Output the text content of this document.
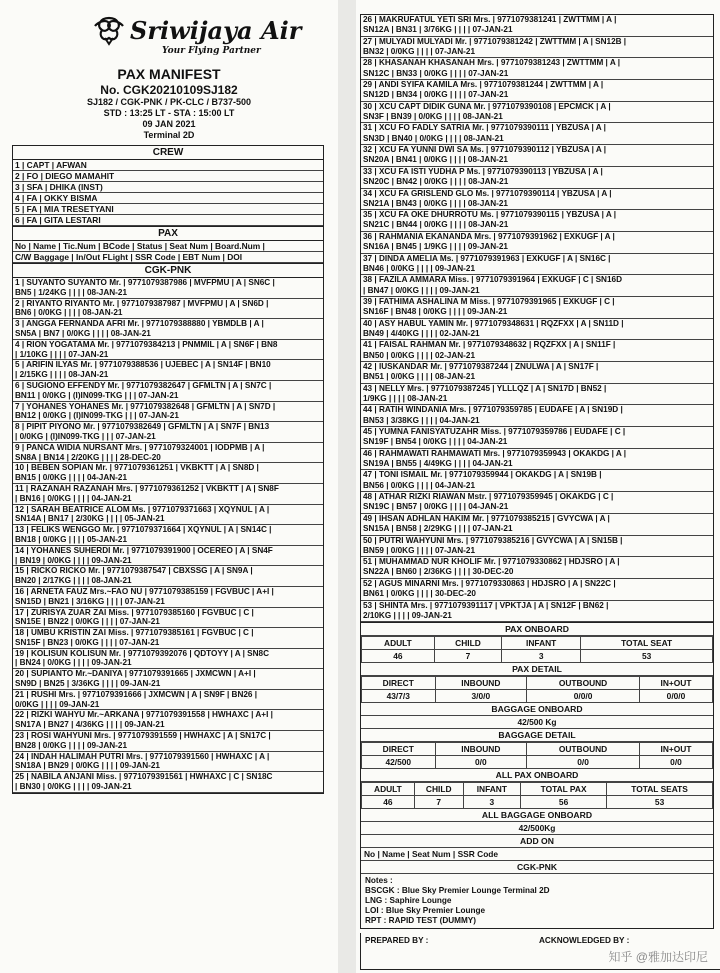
Sriwijaya Air
Your Flying Partner
PAX MANIFEST
No. CGK20210109SJ182
SJ182 / CGK-PNK / PK-CLC / B737-500
STD : 13:25 LT - STA : 15:00 LT
09 JAN 2021
Terminal 2D
CREW
1 | CAPT | AFWAN
2 | FO | DIEGO MAMAHIT
3 | SFA | DHIKA (INST)
4 | FA | OKKY BISMA
5 | FA | MIA TRESETYANI
6 | FA | GITA LESTARI
PAX
No | Name | Tic.Num | BCode | Status | Seat Num | Board.Num |
C/W Baggage | In/Out FLight | SSR Code | EBT Num | DOI
CGK-PNK
1 | SUYANTO SUYANTO Mr. | 9771079387986 | MVFPMU | A | SN6C |
BN5 | 1/24KG | | | | 08-JAN-21
2 | RIYANTO RIYANTO Mr. | 9771079387987 | MVFPMU | A | SN6D |
BN6 | 0/0KG | | | | 08-JAN-21
3 | ANGGA FERNANDA AFRI Mr. | 9771079388880 | YBMDLB | A |
SN5A | BN7 | 0/0KG | | | | 08-JAN-21
4 | RION YOGATAMA Mr. | 9771079384213 | PNMMIL | A | SN6F | BN8
| 1/10KG | | | | 07-JAN-21
5 | ARIFIN ILYAS Mr. | 9771079388536 | UJEBEC | A | SN14F | BN10
| 2/15KG | | | | 08-JAN-21
6 | SUGIONO EFFENDY Mr. | 9771079382647 | GFMLTN | A | SN7C |
BN11 | 0/0KG | (I)IN099-TKG | | | 07-JAN-21
7 | YOHANES YOHANES Mr. | 9771079382648 | GFMLTN | A | SN7D |
BN12 | 0/0KG | (I)IN099-TKG | | | 07-JAN-21
8 | PIPIT PIYONO Mr. | 9771079382649 | GFMLTN | A | SN7F | BN13
| 0/0KG | (I)IN099-TKG | | | 07-JAN-21
9 | PANCA WIDIA NURSANT Mrs. | 9771079324001 | IODPMB | A |
SN8A | BN14 | 2/20KG | | | | 28-DEC-20
10 | BEBEN SOPIAN Mr. | 9771079361251 | VKBKTT | A | SN8D |
BN15 | 0/0KG | | | | 04-JAN-21
11 | RAZANAH RAZANAH Mrs. | 9771079361252 | VKBKTT | A | SN8F
| BN16 | 0/0KG | | | | 04-JAN-21
12 | SARAH BEATRICE ALOM Ms. | 9771079371663 | XQYNUL | A |
SN14A | BN17 | 2/30KG | | | | 05-JAN-21
13 | FELIKS WENGGO Mr. | 9771079371664 | XQYNUL | A | SN14C |
BN18 | 0/0KG | | | | 05-JAN-21
14 | YOHANES SUHERDI Mr. | 9771079391900 | OCEREO | A | SN4F
| BN19 | 0/0KG | | | | 09-JAN-21
15 | RICKO RICKO Mr. | 9771079387547 | CBXSSG | A | SN9A |
BN20 | 2/17KG | | | | 08-JAN-21
16 | ARNETA FAUZ Mrs.~FAO NU | 9771079385159 | FGVBUC | A+I |
SN15D | BN21 | 3/16KG | | | | 07-JAN-21
17 | ZURISYA ZUAR ZAI Miss. | 9771079385160 | FGVBUC | C |
SN15E | BN22 | 0/0KG | | | | 07-JAN-21
18 | UMBU KRISTIN ZAI Miss. | 9771079385161 | FGVBUC | C |
SN15F | BN23 | 0/0KG | | | | 07-JAN-21
19 | KOLISUN KOLISUN Mr. | 9771079392076 | QDTOYY | A | SN8C
| BN24 | 0/0KG | | | | 09-JAN-21
20 | SUPIANTO Mr.~DANIYA | 9771079391665 | JXMCWN | A+I |
SN9D | BN25 | 3/36KG | | | | 09-JAN-21
21 | RUSHI Mrs. | 9771079391666 | JXMCWN | A | SN9F | BN26 |
0/0KG | | | | 09-JAN-21
22 | RIZKI WAHYU Mr.~ARKANA | 9771079391558 | HWHAXC | A+I |
SN17A | BN27 | 4/36KG | | | | 09-JAN-21
23 | ROSI WAHYUNI Mrs. | 9771079391559 | HWHAXC | A | SN17C |
BN28 | 0/0KG | | | | 09-JAN-21
24 | INDAH HALIMAH PUTRI Mrs. | 9771079391560 | HWHAXC | A |
SN18A | BN29 | 0/0KG | | | | 09-JAN-21
25 | NABILA ANJANI Miss. | 9771079391561 | HWHAXC | C | SN18C
| BN30 | 0/0KG | | | | 09-JAN-21
26 | MAKRUFATUL YETI SRI Mrs. | 9771079381241 | ZWTTMM | A |
SN12A | BN31 | 3/76KG | | | | 07-JAN-21
27 | MULYADI MULYADI Mr. | 9771079381242 | ZWTTMM | A | SN12B |
BN32 | 0/0KG | | | | 07-JAN-21
28 | KHASANAH KHASANAH Mrs. | 9771079381243 | ZWTTMM | A |
SN12C | BN33 | 0/0KG | | | | 07-JAN-21
29 | ANDI SYIFA KAMILA Mrs. | 9771079381244 | ZWTTMM | A |
SN12D | BN34 | 0/0KG | | | | 07-JAN-21
30 | XCU CAPT DIDIK GUNA Mr. | 9771079390108 | EPCMCK | A |
SN3F | BN39 | 0/0KG | | | | 08-JAN-21
31 | XCU FO FADLY SATRIA Mr. | 9771079390111 | YBZUSA | A |
SN3D | BN40 | 0/0KG | | | | 08-JAN-21
32 | XCU FA YUNNI DWI SA Ms. | 9771079390112 | YBZUSA | A |
SN20A | BN41 | 0/0KG | | | | 08-JAN-21
33 | XCU FA ISTI YUDHA P Ms. | 9771079390113 | YBZUSA | A |
SN20C | BN42 | 0/0KG | | | | 08-JAN-21
34 | XCU FA GRISLEND GLO Ms. | 9771079390114 | YBZUSA | A |
SN21A | BN43 | 0/0KG | | | | 08-JAN-21
35 | XCU FA OKE DHURROTU Ms. | 9771079390115 | YBZUSA | A |
SN21C | BN44 | 0/0KG | | | | 08-JAN-21
36 | RAHMANIA EKANANDA Mrs. | 9771079391962 | EXKUGF | A |
SN16A | BN45 | 1/9KG | | | | 09-JAN-21
37 | DINDA AMELIA Ms. | 9771079391963 | EXKUGF | A | SN16C |
BN46 | 0/0KG | | | | 09-JAN-21
38 | FAZILA AMMARA Miss. | 9771079391964 | EXKUGF | C | SN16D
| BN47 | 0/0KG | | | | 09-JAN-21
39 | FATHIMA ASHALINA M Miss. | 9771079391965 | EXKUGF | C |
SN16F | BN48 | 0/0KG | | | | 09-JAN-21
40 | ASY HABUL YAMIN Mr. | 9771079348631 | RQZFXX | A | SN11D |
BN49 | 4/40KG | | | | 02-JAN-21
41 | FAISAL RAHMAN Mr. | 9771079348632 | RQZFXX | A | SN11F |
BN50 | 0/0KG | | | | 02-JAN-21
42 | IUSKANDAR Mr. | 9771079387244 | ZNULWA | A | SN17F |
BN51 | 0/0KG | | | | 08-JAN-21
43 | NELLY Mrs. | 9771079387245 | YLLLQZ | A | SN17D | BN52 |
1/9KG | | | | 08-JAN-21
44 | RATIH WINDANIA Mrs. | 9771079359785 | EUDAFE | A | SN19D |
BN53 | 3/38KG | | | | 04-JAN-21
45 | YUMNA FANISYATUZAHR Miss. | 9771079359786 | EUDAFE | C |
SN19F | BN54 | 0/0KG | | | | 04-JAN-21
46 | RAHMAWATI RAHMAWATI Mrs. | 9771079359943 | OKAKDG | A |
SN19A | BN55 | 4/49KG | | | | 04-JAN-21
47 | TONI ISMAIL Mr. | 9771079359944 | OKAKDG | A | SN19B |
BN56 | 0/0KG | | | | 04-JAN-21
48 | ATHAR RIZKI RIAWAN Mstr. | 9771079359945 | OKAKDG | C |
SN19C | BN57 | 0/0KG | | | | 04-JAN-21
49 | IHSAN ADHLAN HAKIM Mr. | 9771079385215 | GVYCWA | A |
SN15A | BN58 | 2/29KG | | | | 07-JAN-21
50 | PUTRI WAHYUNI Mrs. | 9771079385216 | GVYCWA | A | SN15B |
BN59 | 0/0KG | | | | 07-JAN-21
51 | MUHAMMAD NUR KHOLIF Mr. | 9771079330862 | HDJSRO | A |
SN22A | BN60 | 2/36KG | | | | 30-DEC-20
52 | AGUS MINARNI Mrs. | 9771079330863 | HDJSRO | A | SN22C |
BN61 | 0/0KG | | | | 30-DEC-20
53 | SHINTA Mrs. | 9771079391117 | VPKTJA | A | SN12F | BN62 |
2/10KG | | | | 09-JAN-21
PAX ONBOARD
ADULT	CHILD	INFANT	TOTAL SEAT
46	7	3	53
PAX DETAIL
DIRECT	INBOUND	OUTBOUND	IN+OUT
43/7/3	3/0/0	0/0/0	0/0/0
BAGGAGE ONBOARD
42/500 Kg
BAGGAGE DETAIL
DIRECT	INBOUND	OUTBOUND	IN+OUT
42/500	0/0	0/0	0/0
ALL PAX ONBOARD
ADULT	CHILD	INFANT	TOTAL PAX	TOTAL SEATS
46	7	3	56	53
ALL BAGGAGE ONBOARD
42/500Kg
ADD ON
No | Name | Seat Num | SSR Code
CGK-PNK
Notes :
BSCGK : Blue Sky Premier Lounge Terminal 2D
LNG : Saphire Lounge
LOI : Blue Sky Premier Lounge
RPT : RAPID TEST (DUMMY)
PREPARED BY :	ACKNOWLEDGED BY :
知乎 @雅加达印尼
